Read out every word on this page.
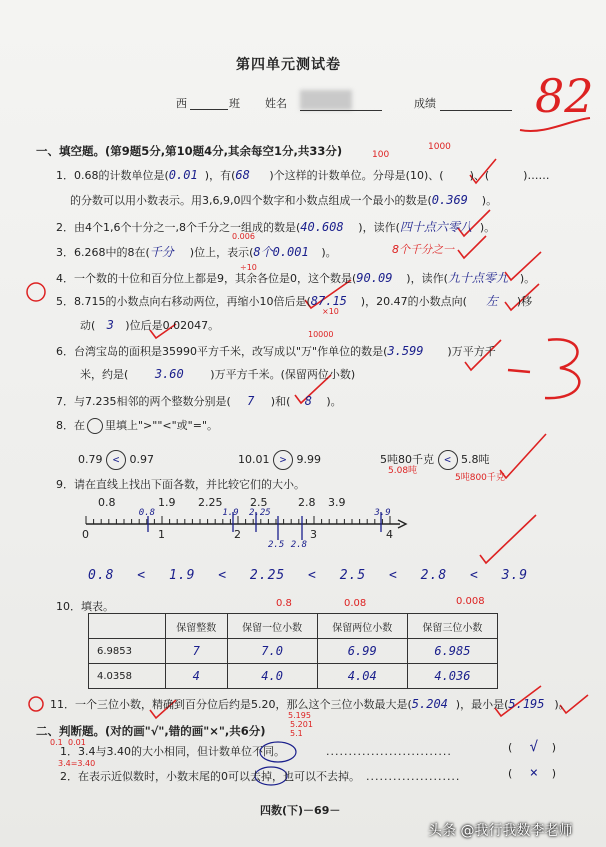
82
第四单元测试卷
西	班 姓名	成绩
一、填空题。(第9题5分,第10题4分,其余每空1分,共33分)
1．0.68的计数单位是(0.01 )，有(68 )个这样的计数单位。分母是(10)、( )、(	)……
100
1000
的分数可以用小数表示。用3,6,9,0四个数字和小数点组成一个最小的数是(0.369 )。
2．由4个1,6个十分之一,8个千分之一组成的数是(40.608 )，读作(四十点六零八 )。
0.006
3．6.268中的8在(千分 )位上，表示(8个0.001 )。	8个千分之一
4．一个数的十位和百分位上都是9，其余各位是0，这个数是(90.09 )，读作(九十点零九 )。
÷10
5．8.715的小数点向右移动两位，再缩小10倍后是(87.15 )，20.47的小数点向( 左 )移
×10
动( 3 )位后是0.02047。
6．台湾宝岛的面积是35990平方千米，改写成以"万"作单位的数是(3.599 )万平方千
10000
米，约是( 3.60 )万平方千米。(保留两位小数)
7．与7.235相邻的两个整数分别是( 7 )和( 8 )。
8．在 里填上">""<"或"="。
0.79 < 0.97	10.01 > 9.99	5吨80千克 < 5.8吨
5.08吨
5吨800千克
9．请在直线上找出下面各数，并比较它们的大小。
0.8	1.9 2.25	2.5	2.8 3.9
0	1	2	3	4
0.8	1.9 2.25
2.5 2.8
3.9
0.8 < 1.9 < 2.25 < 2.5 < 2.8 < 3.9
10．填表。	0.8	0.08	0.008
	保留整数	保留一位小数	保留两位小数	保留三位小数
6.9853	7	7.0	6.99	6.985
4.0358	4	4.0	4.04	4.036
11．一个三位小数，精确到百分位后约是5.20，那么这个三位小数最大是(5.204 )，最小是(5.195 )。
5.195
5.201
5.1
二、判断题。(对的画"√",错的画"×",共6分)
0.1 0.01
3.4=3.40
1．3.4与3.40的大小相同，但计数单位不同。	............................	( √ )
2．在表示近似数时，小数末尾的0可以去掉，也可以不去掉。 .....................	( × )
四数(下)－69－
头条 @我行我数李老师
